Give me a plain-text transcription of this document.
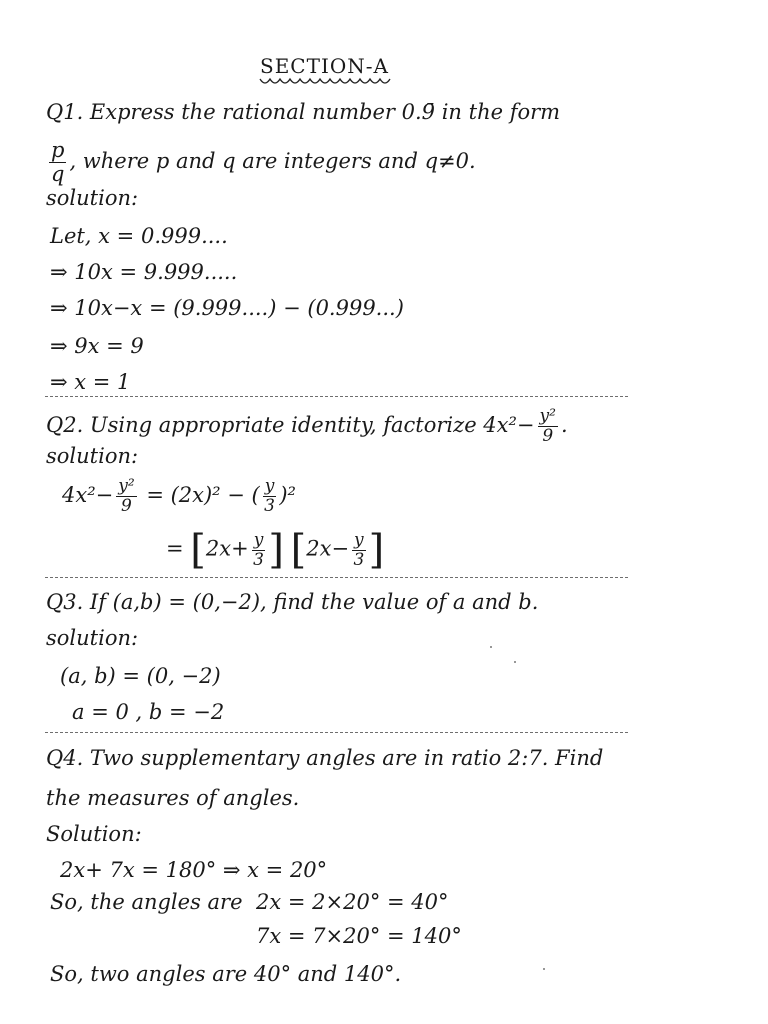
SECTION-A
Q1. Express the rational number 0.9̄ in the form
$\frac{p}{q}$ , where p and q are integers and q≠0.
solution:
Let, x = 0.999....
⇒ 10x = 9.999.....
⇒ 10x−x = (9.999....) − (0.999...)
⇒ 9x = 9
⇒ x = 1
Q2. Using appropriate identity, factorize $4x^2- \frac{\text{y²}}{9}$ .
solution:
$4x^2- \frac{\text{y²}}{9} = (2x)^2$ − ( $\frac{y}{3} )^2$
= [$2x+ \frac{y}{3}$ ] [$2x- \frac{y}{3}$ ]
Q3. If (a,b) = (0,−2), find the value of a and b.
solution:
(a, b) = (0, −2)
a = 0 , b = −2
Q4. Two supplementary angles are in ratio 2:7. Find
the measures of angles.
Solution:
2x+ 7x = 180° ⇒ x = 20°
So, the angles are 2x = 2×20° = 40°
7x = 7×20° = 140°
So, two angles are 40° and 140°.
